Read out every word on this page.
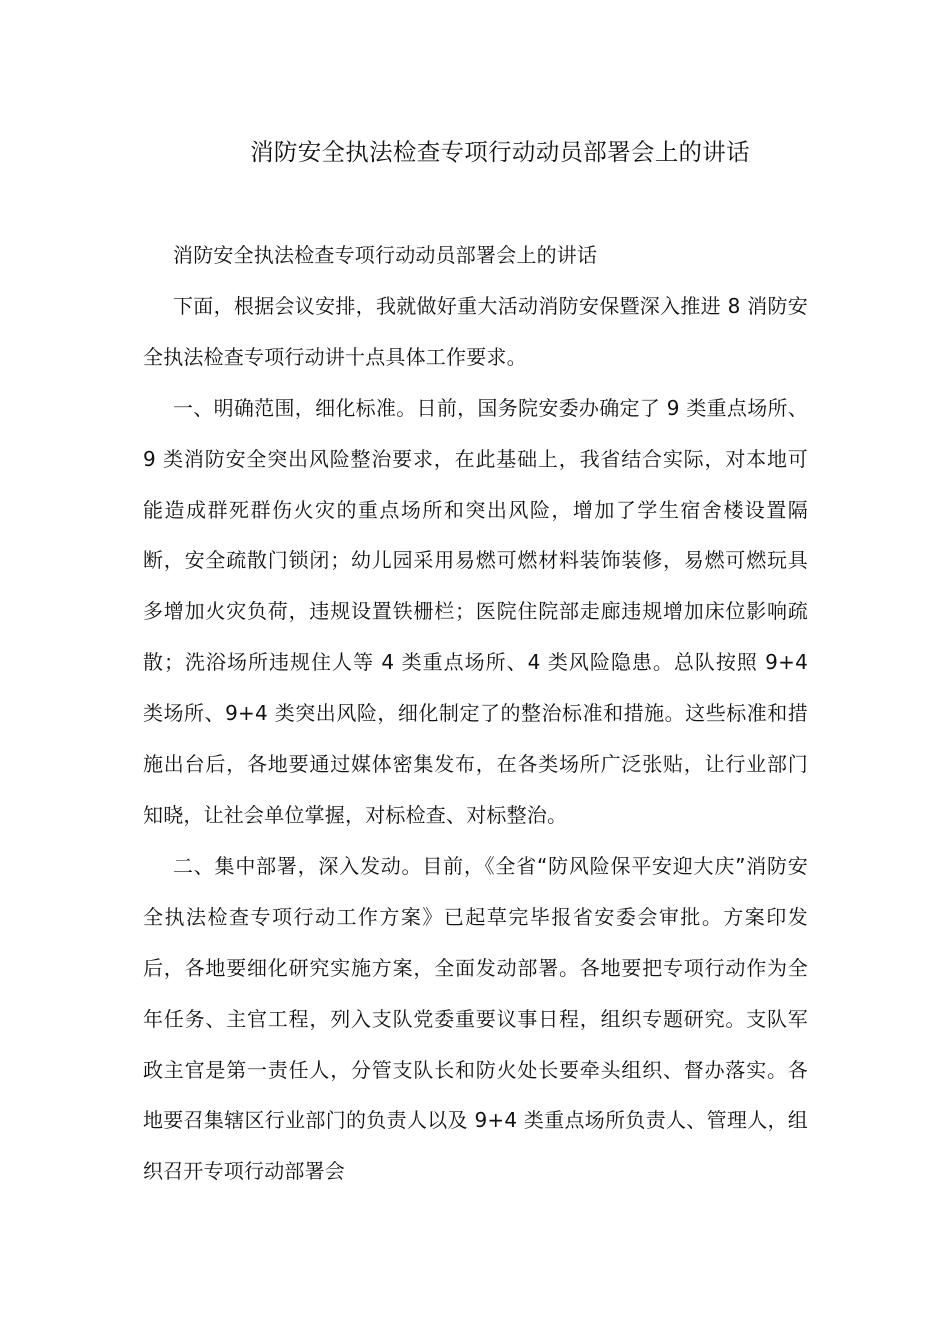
消防安全执法检查专项行动动员部署会上的讲话

消防安全执法检查专项行动动员部署会上的讲话

下面，根据会议安排，我就做好重大活动消防安保暨深入推进 8 消防安全执法检查专项行动讲十点具体工作要求。

一、明确范围，细化标准。日前，国务院安委办确定了 9 类重点场所、9 类消防安全突出风险整治要求，在此基础上，我省结合实际，对本地可能造成群死群伤火灾的重点场所和突出风险，增加了学生宿舍楼设置隔断，安全疏散门锁闭；幼儿园采用易燃可燃材料装饰装修，易燃可燃玩具多增加火灾负荷，违规设置铁栅栏；医院住院部走廊违规增加床位影响疏散；洗浴场所违规住人等 4 类重点场所、4 类风险隐患。总队按照 9+4 类场所、9+4 类突出风险，细化制定了的整治标准和措施。这些标准和措施出台后，各地要通过媒体密集发布，在各类场所广泛张贴，让行业部门知晓，让社会单位掌握，对标检查、对标整治。

二、集中部署，深入发动。目前，《全省“防风险保平安迎大庆”消防安全执法检查专项行动工作方案》已起草完毕报省安委会审批。方案印发后，各地要细化研究实施方案，全面发动部署。各地要把专项行动作为全年任务、主官工程，列入支队党委重要议事日程，组织专题研究。支队军政主官是第一责任人，分管支队长和防火处长要牵头组织、督办落实。各地要召集辖区行业部门的负责人以及 9+4 类重点场所负责人、管理人，组织召开专项行动部署会
